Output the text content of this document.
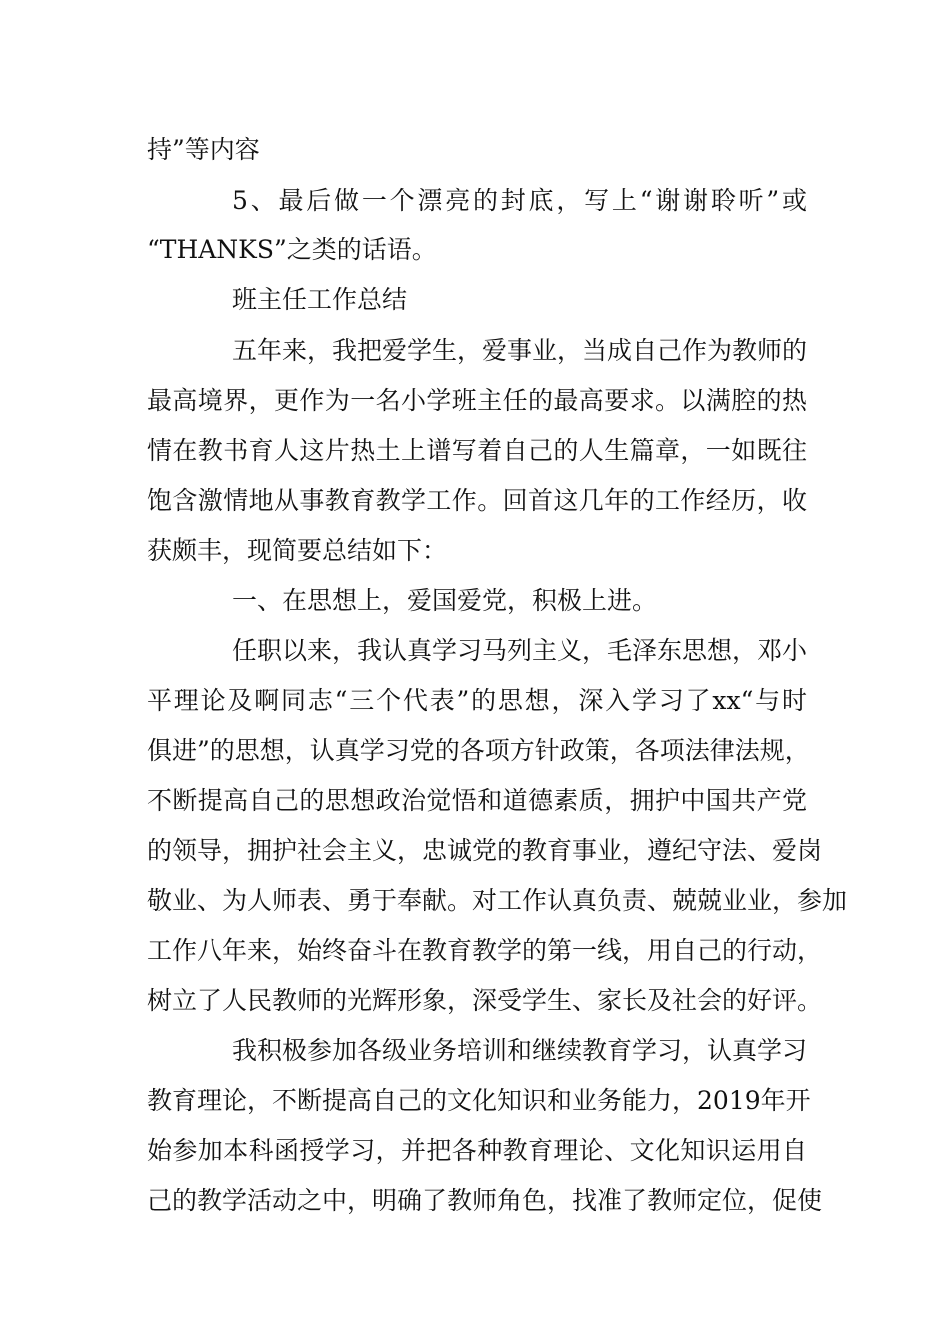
持”等内容
5、最后做一个漂亮的封底，写上“谢谢聆听”或
“THANKS”之类的话语。
班主任工作总结
五年来，我把爱学生，爱事业，当成自己作为教师的
最高境界，更作为一名小学班主任的最高要求。以满腔的热
情在教书育人这片热土上谱写着自己的人生篇章，一如既往
饱含激情地从事教育教学工作。回首这几年的工作经历，收
获颇丰，现简要总结如下：
一、在思想上，爱国爱党，积极上进。
任职以来，我认真学习马列主义，毛泽东思想，邓小
平理论及啊同志“三个代表”的思想，深入学习了xx“与时
俱进”的思想，认真学习党的各项方针政策，各项法律法规，
不断提高自己的思想政治觉悟和道德素质，拥护中国共产党
的领导，拥护社会主义，忠诚党的教育事业，遵纪守法、爱岗
敬业、为人师表、勇于奉献。对工作认真负责、兢兢业业，参加
工作八年来，始终奋斗在教育教学的第一线，用自己的行动，
树立了人民教师的光辉形象，深受学生、家长及社会的好评。
我积极参加各级业务培训和继续教育学习，认真学习
教育理论，不断提高自己的文化知识和业务能力，2019年开
始参加本科函授学习，并把各种教育理论、文化知识运用自
己的教学活动之中，明确了教师角色，找准了教师定位，促使
